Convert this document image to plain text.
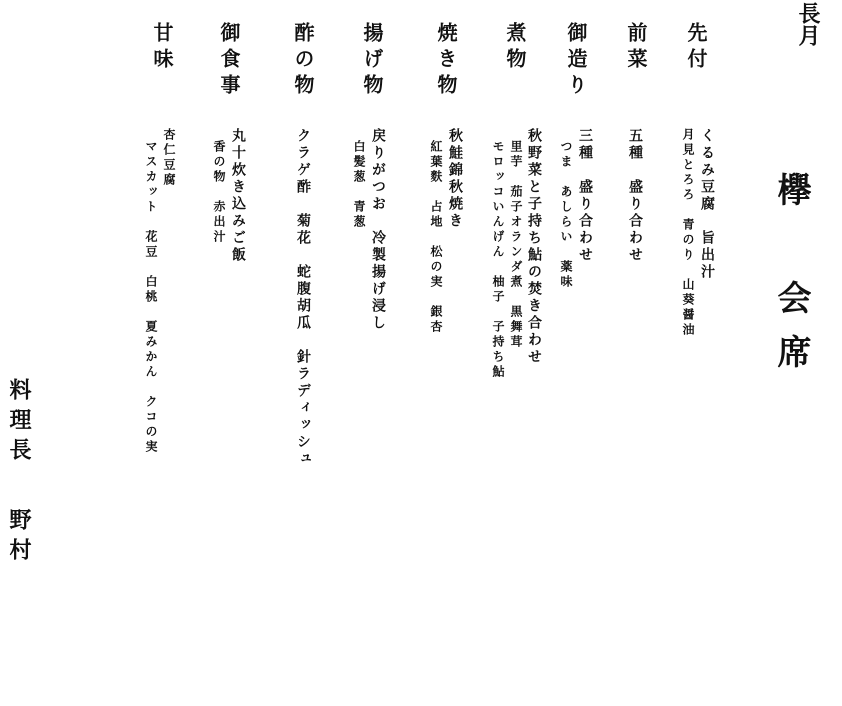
長月
欅　会席
先付
前菜
御造り
煮物
焼き物
揚げ物
酢の物
御食事
甘味
くるみ豆腐　旨出汁
月見とろろ　青のり　山葵醤油
五種　盛り合わせ
三種　盛り合わせ
つま　あしらい　薬味
秋野菜と子持ち鮎の焚き合わせ
里芋　茄子オランダ煮　黒舞茸
モロッコいんげん　柚子　子持ち鮎
秋鮭錦秋焼き
紅葉麩　占地　松の実　銀杏
戻りがつお　冷製揚げ浸し
白髪葱　青葱
クラゲ酢　菊花　蛇腹胡瓜　針ラディッシュ
丸十炊き込みご飯
香の物　赤出汁
杏仁豆腐
マスカット　花豆　白桃　夏みかん　クコの実
料理長野村
